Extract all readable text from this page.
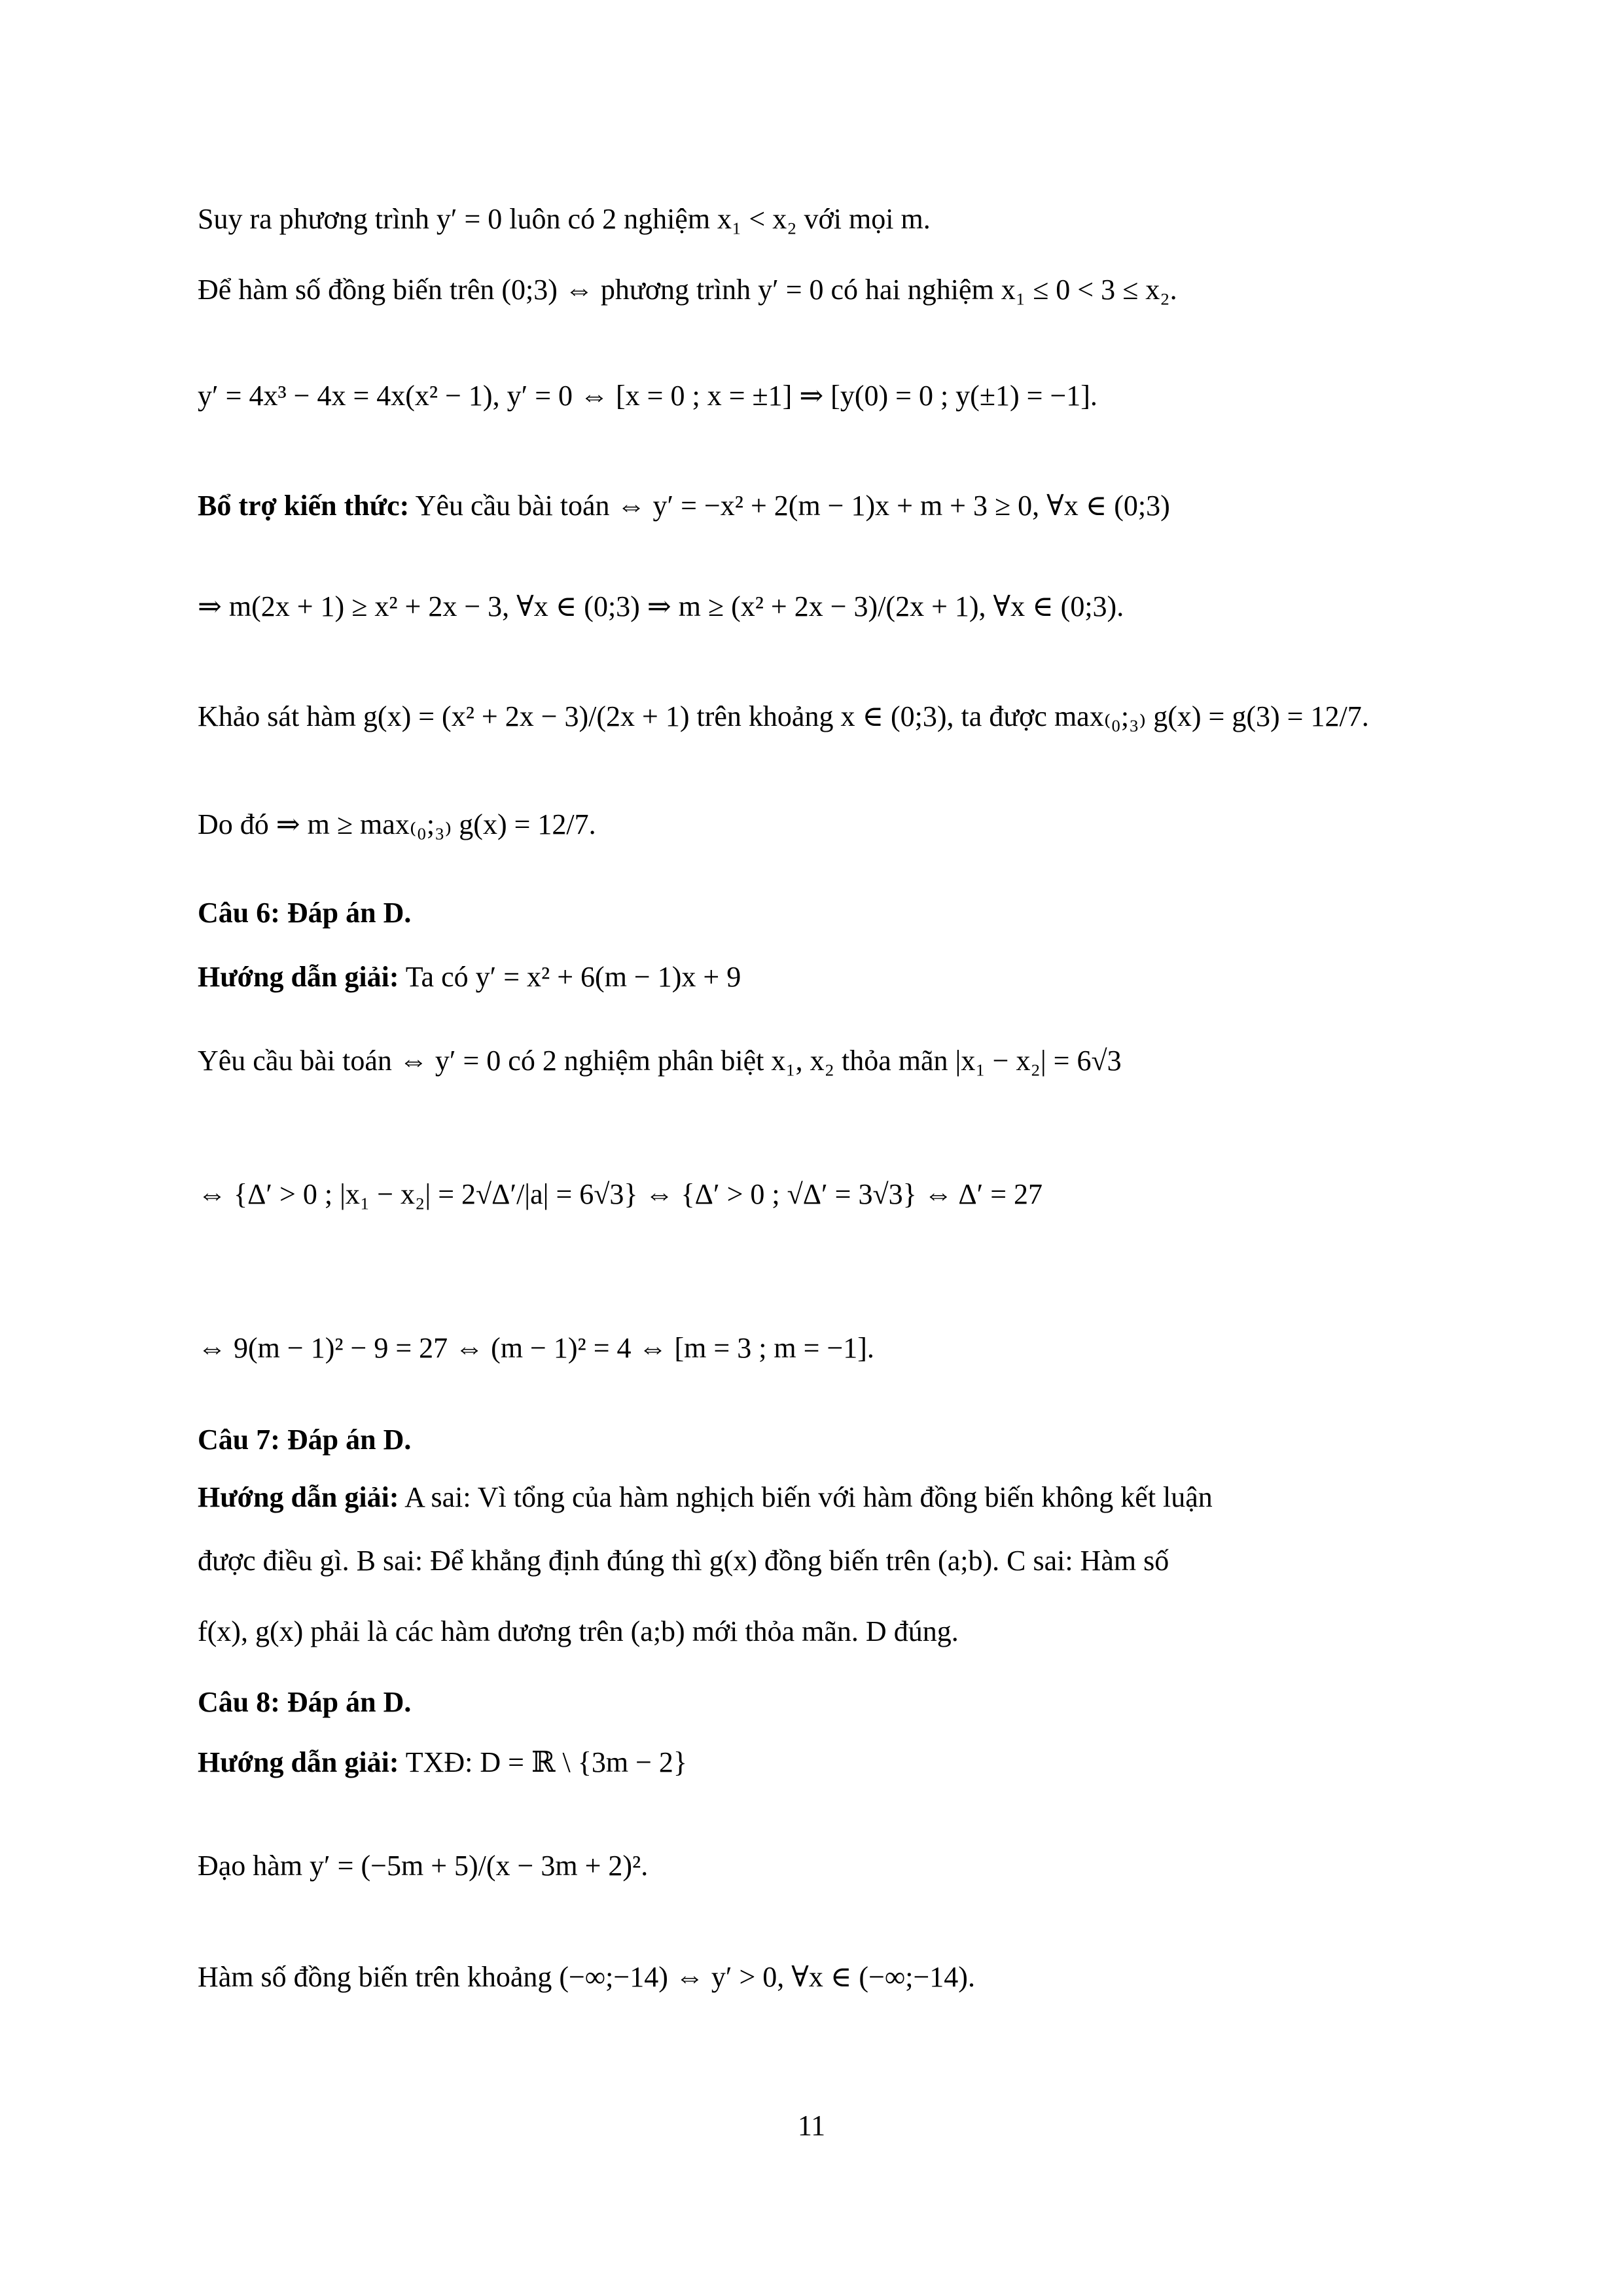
Suy ra phương trình y′ = 0 luôn có 2 nghiệm x₁ < x₂ với mọi m.
Để hàm số đồng biến trên (0;3) ⇔ phương trình y′ = 0 có hai nghiệm x₁ ≤ 0 < 3 ≤ x₂.
y′ = 4x³ − 4x = 4x(x² − 1), y′ = 0 ⇔ [x = 0 ; x = ±1] ⇒ [y(0) = 0 ; y(±1) = −1].
Bổ trợ kiến thức: Yêu cầu bài toán ⇔ y′ = −x² + 2(m − 1)x + m + 3 ≥ 0, ∀x ∈ (0;3)
⇒ m(2x + 1) ≥ x² + 2x − 3, ∀x ∈ (0;3) ⇒ m ≥ (x² + 2x − 3)/(2x + 1), ∀x ∈ (0;3).
Khảo sát hàm g(x) = (x² + 2x − 3)/(2x + 1) trên khoảng x ∈ (0;3), ta được max₍₀;₃₎ g(x) = g(3) = 12/7.
Do đó ⇒ m ≥ max₍₀;₃₎ g(x) = 12/7.
Câu 6: Đáp án D.
Hướng dẫn giải: Ta có y′ = x² + 6(m − 1)x + 9
Yêu cầu bài toán ⇔ y′ = 0 có 2 nghiệm phân biệt x₁, x₂ thỏa mãn |x₁ − x₂| = 6√3
⇔ {Δ′ > 0 ; |x₁ − x₂| = 2√Δ′/|a| = 6√3} ⇔ {Δ′ > 0 ; √Δ′ = 3√3} ⇔ Δ′ = 27
⇔ 9(m − 1)² − 9 = 27 ⇔ (m − 1)² = 4 ⇔ [m = 3 ; m = −1].
Câu 7: Đáp án D.
Hướng dẫn giải: A sai: Vì tổng của hàm nghịch biến với hàm đồng biến không kết luận
được điều gì. B sai: Để khẳng định đúng thì g(x) đồng biến trên (a;b). C sai: Hàm số
f(x), g(x) phải là các hàm dương trên (a;b) mới thỏa mãn. D đúng.
Câu 8: Đáp án D.
Hướng dẫn giải: TXĐ: D = ℝ \ {3m − 2}
Đạo hàm y′ = (−5m + 5)/(x − 3m + 2)².
Hàm số đồng biến trên khoảng (−∞;−14) ⇔ y′ > 0, ∀x ∈ (−∞;−14).
11
